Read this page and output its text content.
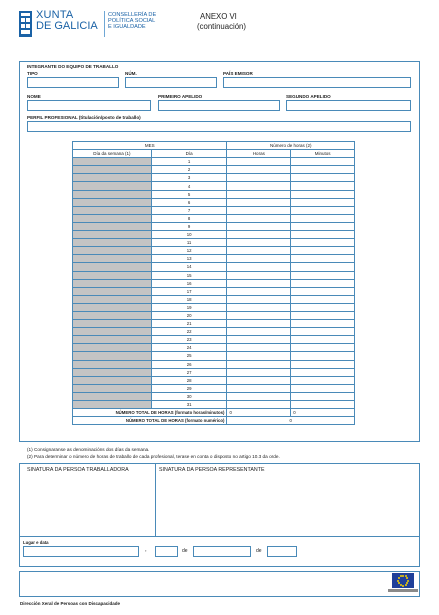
XUNTA
DE GALICIA
CONSELLERÍA DE
POLÍTICA SOCIAL
E IGUALDADE
ANEXO VI
(continuación)
INTEGRANTE DO EQUIPO DE TRABALLO
TIPO	NÚM.	PAÍS EMISOR
NOME	PRIMEIRO APELIDO	SEGUNDO APELIDO
PERFIL PROFESIONAL (titulación/posto de traballo)
MES		Número de horas (2)	
Día da semana (1)	Día	Horas	Minutos
	1		
	2		
	3		
	4		
	5		
	6		
	7		
	8		
	9		
	10		
	11		
	12		
	13		
	14		
	15		
	16		
	17		
	18		
	19		
	20		
	21		
	22		
	23		
	24		
	25		
	26		
	27		
	28		
	29		
	30		
	31		
NÚMERO TOTAL DE HORAS (formato horas/minutos)		0	0
NÚMERO TOTAL DE HORAS (formato numérico)		0	
(1) Consignaranse as denominacións dos días da semana.
(2) Para determinar o número de horas de traballo de cada profesional, terase en conta o disposto no artigo 10.3 da orde.
SINATURA DA PERSOA TRABALLADORA	SINATURA DA PERSOA REPRESENTANTE
Lugar e data
,	de	de
Dirección Xeral de Persoas con Discapacidade
